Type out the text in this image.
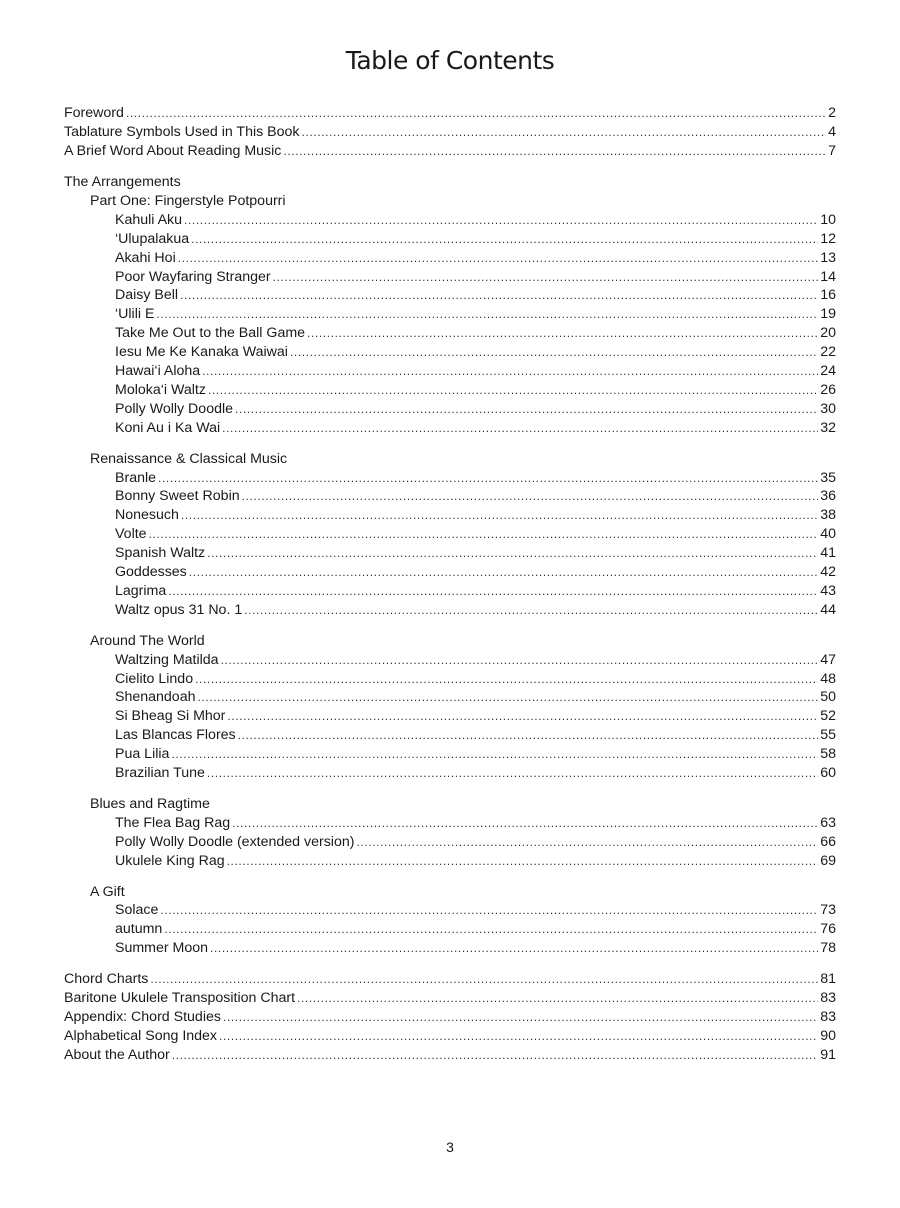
Table of Contents
Foreword .....	2
Tablature Symbols Used in This Book .....	4
A Brief Word About Reading Music .....	7
The Arrangements
Part One: Fingerstyle Potpourri
Kahuli Aku .....	10
‘Ulupalakua .....	12
Akahi Hoi .....	13
Poor Wayfaring Stranger .....	14
Daisy Bell .....	16
‘Ulili E .....	19
Take Me Out to the Ball Game .....	20
Iesu Me Ke Kanaka Waiwai .....	22
Hawai‘i Aloha .....	24
Moloka‘i Waltz .....	26
Polly Wolly Doodle .....	30
Koni Au i Ka Wai .....	32
Renaissance & Classical Music
Branle .....	35
Bonny Sweet Robin .....	36
Nonesuch .....	38
Volte .....	40
Spanish Waltz .....	41
Goddesses .....	42
Lagrima .....	43
Waltz opus 31 No. 1 .....	44
Around The World
Waltzing Matilda .....	47
Cielito Lindo .....	48
Shenandoah .....	50
Si Bheag Si Mhor .....	52
Las Blancas Flores .....	55
Pua Lilia .....	58
Brazilian Tune .....	60
Blues and Ragtime
The Flea Bag Rag .....	63
Polly Wolly Doodle (extended version) .....	66
Ukulele King Rag .....	69
A Gift
Solace .....	73
autumn .....	76
Summer Moon .....	78
Chord Charts .....	81
Baritone Ukulele Transposition Chart .....	83
Appendix: Chord Studies .....	83
Alphabetical Song Index .....	90
About the Author .....	91
3
